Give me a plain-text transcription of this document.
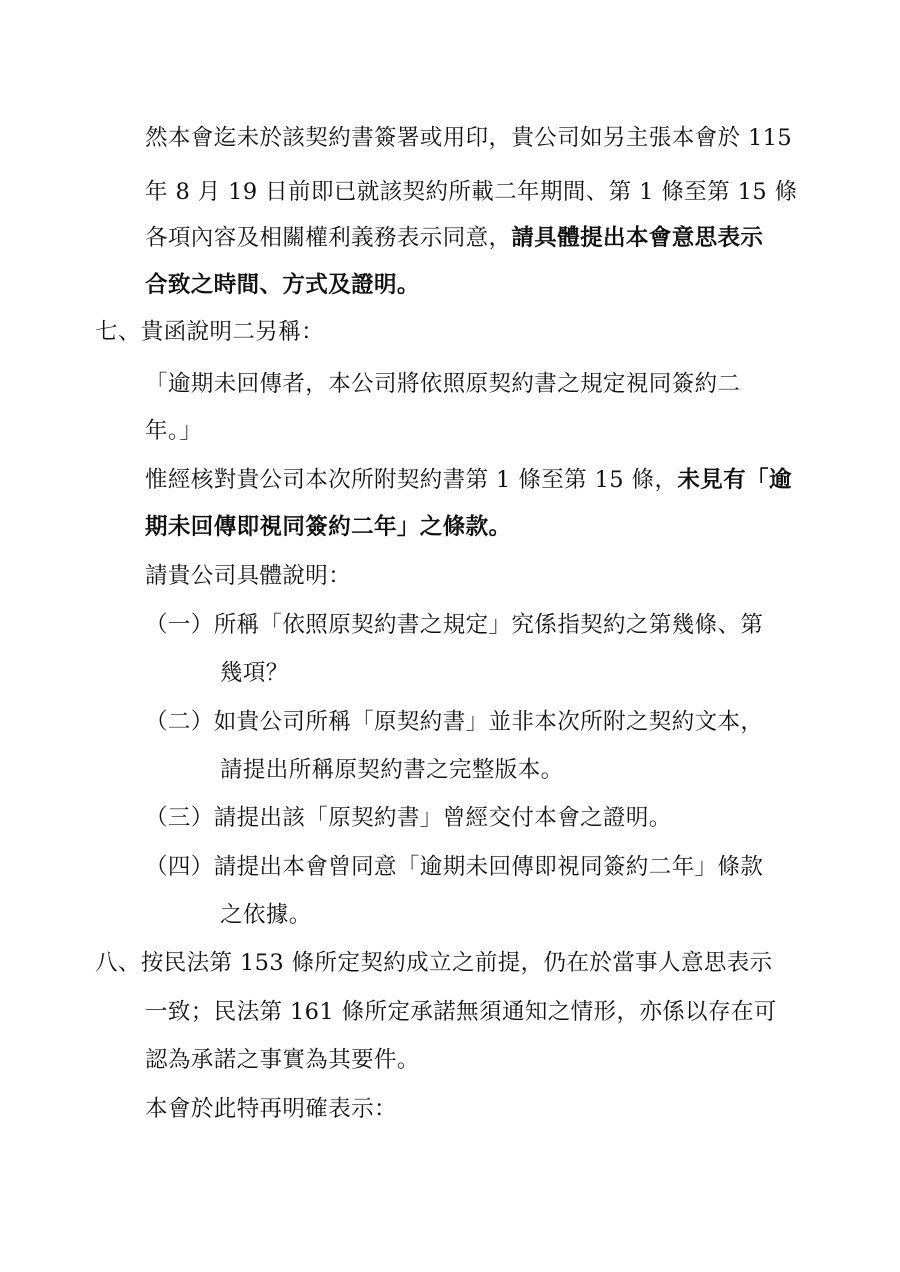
然本會迄未於該契約書簽署或用印，貴公司如另主張本會於 115
年 8 月 19 日前即已就該契約所載二年期間、第 1 條至第 15 條
各項內容及相關權利義務表示同意，請具體提出本會意思表示
合致之時間、方式及證明。
七、貴函說明二另稱：
「逾期未回傳者，本公司將依照原契約書之規定視同簽約二
年。」
惟經核對貴公司本次所附契約書第 1 條至第 15 條，未見有「逾
期未回傳即視同簽約二年」之條款。
請貴公司具體說明：
（一）所稱「依照原契約書之規定」究係指契約之第幾條、第
幾項？
（二）如貴公司所稱「原契約書」並非本次所附之契約文本，
請提出所稱原契約書之完整版本。
（三）請提出該「原契約書」曾經交付本會之證明。
（四）請提出本會曾同意「逾期未回傳即視同簽約二年」條款
之依據。
八、按民法第 153 條所定契約成立之前提，仍在於當事人意思表示
一致；民法第 161 條所定承諾無須通知之情形，亦係以存在可
認為承諾之事實為其要件。
本會於此特再明確表示：
